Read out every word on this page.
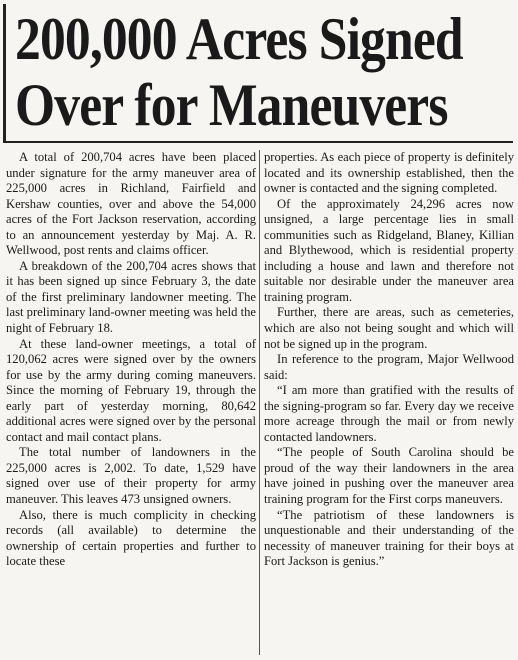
200,000 Acres Signed
Over for Maneuvers

A total of 200,704 acres have been placed under signature for the army maneuver area of 225,000 acres in Richland, Fairfield and Kershaw counties, over and above the 54,000 acres of the Fort Jackson reservation, according to an announcement yesterday by Maj. A. R. Wellwood, post rents and claims officer.

A breakdown of the 200,704 acres shows that it has been signed up since February 3, the date of the first preliminary landowner meeting. The last preliminary land-owner meeting was held the night of February 18.

At these land-owner meetings, a total of 120,062 acres were signed over by the owners for use by the army during coming maneuvers. Since the morning of February 19, through the early part of yesterday morning, 80,642 additional acres were signed over by the personal contact and mail contact plans.

The total number of landowners in the 225,000 acres is 2,002. To date, 1,529 have signed over use of their property for army maneuver. This leaves 473 unsigned owners.

Also, there is much complicity in checking records (all available) to determine the ownership of certain properties and further to locate these

properties. As each piece of property is definitely located and its ownership established, then the owner is contacted and the signing completed.

Of the approximately 24,296 acres now unsigned, a large percentage lies in small communities such as Ridgeland, Blaney, Killian and Blythewood, which is residential property including a house and lawn and therefore not suitable nor desirable under the maneuver area training program.

Further, there are areas, such as cemeteries, which are also not being sought and which will not be signed up in the program.

In reference to the program, Major Wellwood said:

“I am more than gratified with the results of the signing-program so far. Every day we receive more acreage through the mail or from newly contacted landowners.

“The people of South Carolina should be proud of the way their landowners in the area have joined in pushing over the maneuver area training program for the First corps maneuvers.

“The patriotism of these landowners is unquestionable and their understanding of the necessity of maneuver training for their boys at Fort Jackson is genius.”
